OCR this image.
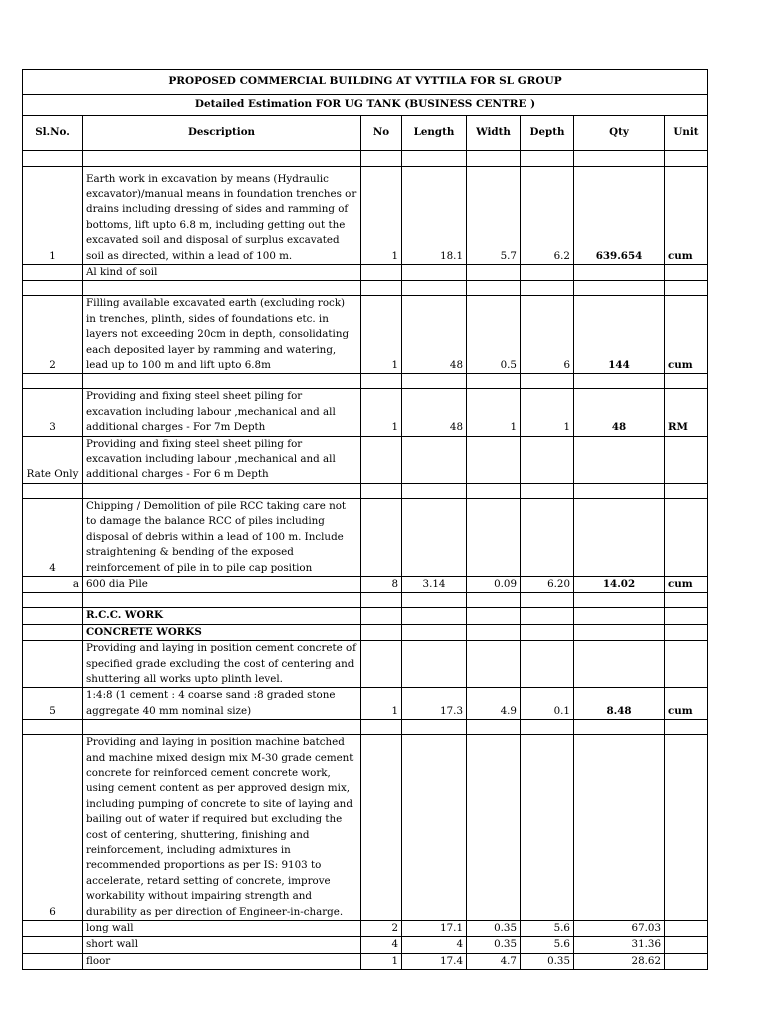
PROPOSED COMMERCIAL BUILDING AT VYTTILA FOR SL GROUP							
Detailed Estimation FOR UG TANK (BUSINESS CENTRE )							
Sl.No.	Description	No	Length	Width	Depth	Qty	Unit

1	Earth work in excavation by means (Hydraulic excavator)/manual means in foundation trenches or drains including dressing of sides and ramming of bottoms, lift upto 6.8 m, including getting out the excavated soil and disposal of surplus excavated soil as directed, within a lead of 100 m.	1	18.1	5.7	6.2	639.654	cum
	Al kind of soil						

2	Filling available excavated earth (excluding rock) in trenches, plinth, sides of foundations etc. in layers not exceeding 20cm in depth, consolidating each deposited layer by ramming and watering, lead up to 100 m and lift upto 6.8m	1	48	0.5	6	144	cum

3	Providing and fixing steel sheet piling for excavation including labour ,mechanical and all additional charges - For 7m Depth	1	48	1	1	48	RM
Rate Only	Providing and fixing steel sheet piling for excavation including labour ,mechanical and all additional charges - For 6 m Depth						

4	Chipping / Demolition of pile RCC taking care not to damage the balance RCC of piles including disposal of debris within a lead of 100 m. Include straightening & bending of the exposed reinforcement of pile in to pile cap position						
a	600 dia Pile	8	3.14	0.09	6.20	14.02	cum

	R.C.C. WORK						
	CONCRETE WORKS						
	Providing and laying in position cement concrete of specified grade excluding the cost of centering and shuttering all works upto plinth level.						
5	1:4:8 (1 cement : 4 coarse sand :8 graded stone aggregate 40 mm nominal size)	1	17.3	4.9	0.1	8.48	cum

6	Providing and laying in position machine batched and machine mixed design mix M-30 grade cement concrete for reinforced cement concrete work, using cement content as per approved design mix, including pumping of concrete to site of laying and bailing out of water if required but excluding the cost of centering, shuttering, finishing and reinforcement, including admixtures in recommended proportions as per IS: 9103 to accelerate, retard setting of concrete, improve workability without impairing strength and durability as per direction of Engineer-in-charge.						
	long wall	2	17.1	0.35	5.6	67.03	
	short wall	4	4	0.35	5.6	31.36	
	floor	1	17.4	4.7	0.35	28.62	
